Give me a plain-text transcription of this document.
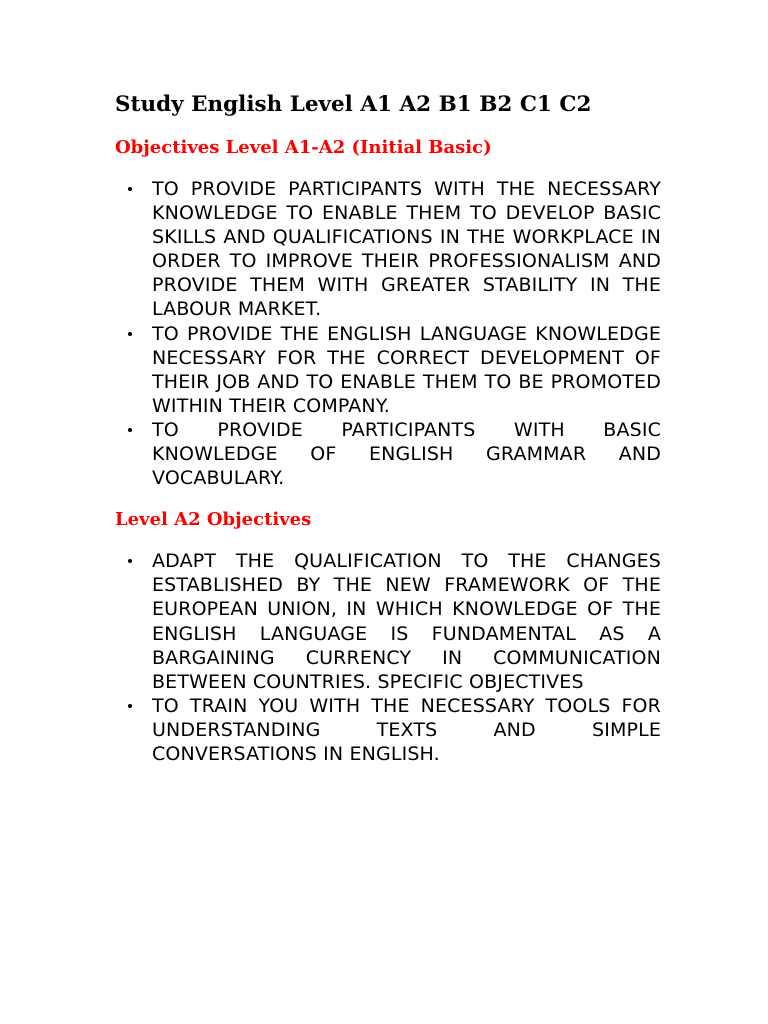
Study English Level A1 A2 B1 B2 C1 C2
Objectives Level A1-A2 (Initial Basic)
TO PROVIDE PARTICIPANTS WITH THE NECESSARY KNOWLEDGE TO ENABLE THEM TO DEVELOP BASIC SKILLS AND QUALIFICATIONS IN THE WORKPLACE IN ORDER TO IMPROVE THEIR PROFESSIONALISM AND PROVIDE THEM WITH GREATER STABILITY IN THE LABOUR MARKET.
TO PROVIDE THE ENGLISH LANGUAGE KNOWLEDGE NECESSARY FOR THE CORRECT DEVELOPMENT OF THEIR JOB AND TO ENABLE THEM TO BE PROMOTED WITHIN THEIR COMPANY.
TO PROVIDE PARTICIPANTS WITH BASIC KNOWLEDGE OF ENGLISH GRAMMAR AND VOCABULARY.
Level A2 Objectives
ADAPT THE QUALIFICATION TO THE CHANGES ESTABLISHED BY THE NEW FRAMEWORK OF THE EUROPEAN UNION, IN WHICH KNOWLEDGE OF THE ENGLISH LANGUAGE IS FUNDAMENTAL AS A BARGAINING CURRENCY IN COMMUNICATION BETWEEN COUNTRIES. SPECIFIC OBJECTIVES
TO TRAIN YOU WITH THE NECESSARY TOOLS FOR UNDERSTANDING TEXTS AND SIMPLE CONVERSATIONS IN ENGLISH.
